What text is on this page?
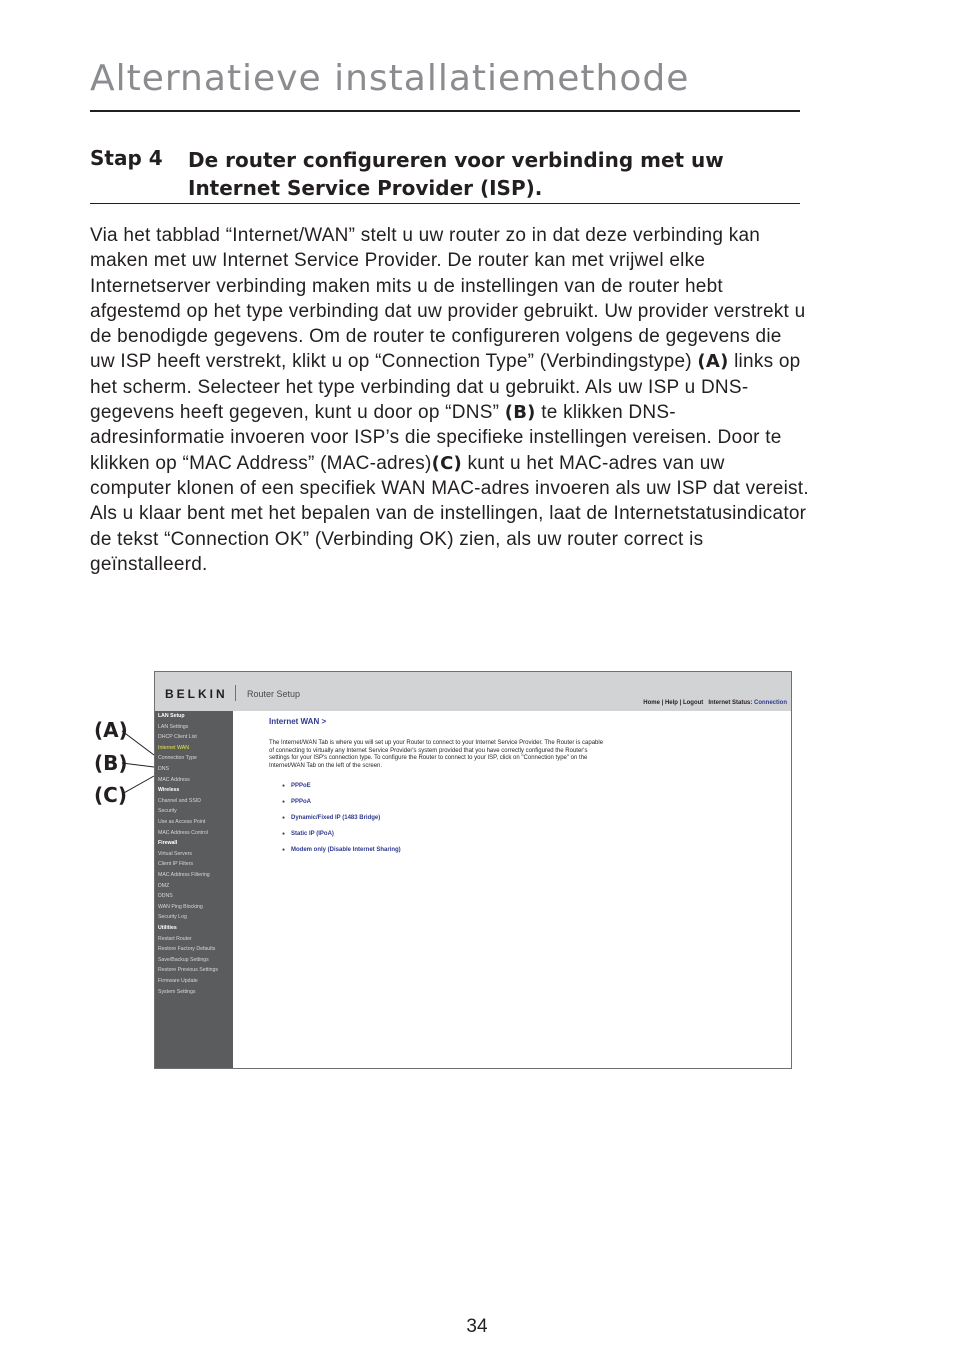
Alternatieve installatiemethode
Stap 4 De router configureren voor verbinding met uw Internet Service Provider (ISP).
Via het tabblad “Internet/WAN” stelt u uw router zo in dat deze verbinding kan maken met uw Internet Service Provider. De router kan met vrijwel elke Internetserver verbinding maken mits u de instellingen van de router hebt afgestemd op het type verbinding dat uw provider gebruikt. Uw provider verstrekt u de benodigde gegevens. Om de router te configureren volgens de gegevens die uw ISP heeft verstrekt, klikt u op “Connection Type” (Verbindingstype) (A) links op het scherm. Selecteer het type verbinding dat u gebruikt. Als uw ISP u DNS-gegevens heeft gegeven, kunt u door op “DNS” (B) te klikken DNS-adresinformatie invoeren voor ISP’s die specifieke instellingen vereisen. Door te klikken op “MAC Address” (MAC-adres)(C) kunt u het MAC-adres van uw computer klonen of een specifiek WAN MAC-adres invoeren als uw ISP dat vereist. Als u klaar bent met het bepalen van de instellingen, laat de Internetstatusindicator de tekst “Connection OK” (Verbinding OK) zien, als uw router correct is geïnstalleerd.
(A)
(B)
(C)
BELKIN Router Setup
Home | Help | Logout Internet Status: Connection
LAN Setup
LAN Settings
DHCP Client List
Internet WAN
Connection Type
DNS
MAC Address
Wireless
Channel and SSID
Security
Use as Access Point
MAC Address Control
Firewall
Virtual Servers
Client IP Filters
MAC Address Filtering
DMZ
DDNS
WAN Ping Blocking
Security Log
Utilities
Restart Router
Restore Factory Defaults
Save/Backup Settings
Restore Previous Settings
Firmware Update
System Settings
Internet WAN >
The Internet/WAN Tab is where you will set up your Router to connect to your Internet Service Provider. The Router is capable of connecting to virtually any Internet Service Provider's system provided that you have correctly configured the Router's settings for your ISP's connection type. To configure the Router to connect to your ISP, click on "Connection type" on the Internet/WAN Tab on the left of the screen.
● PPPoE
● PPPoA
● Dynamic/Fixed IP (1483 Bridge)
● Static IP (IPoA)
● Modem only (Disable Internet Sharing)
34
